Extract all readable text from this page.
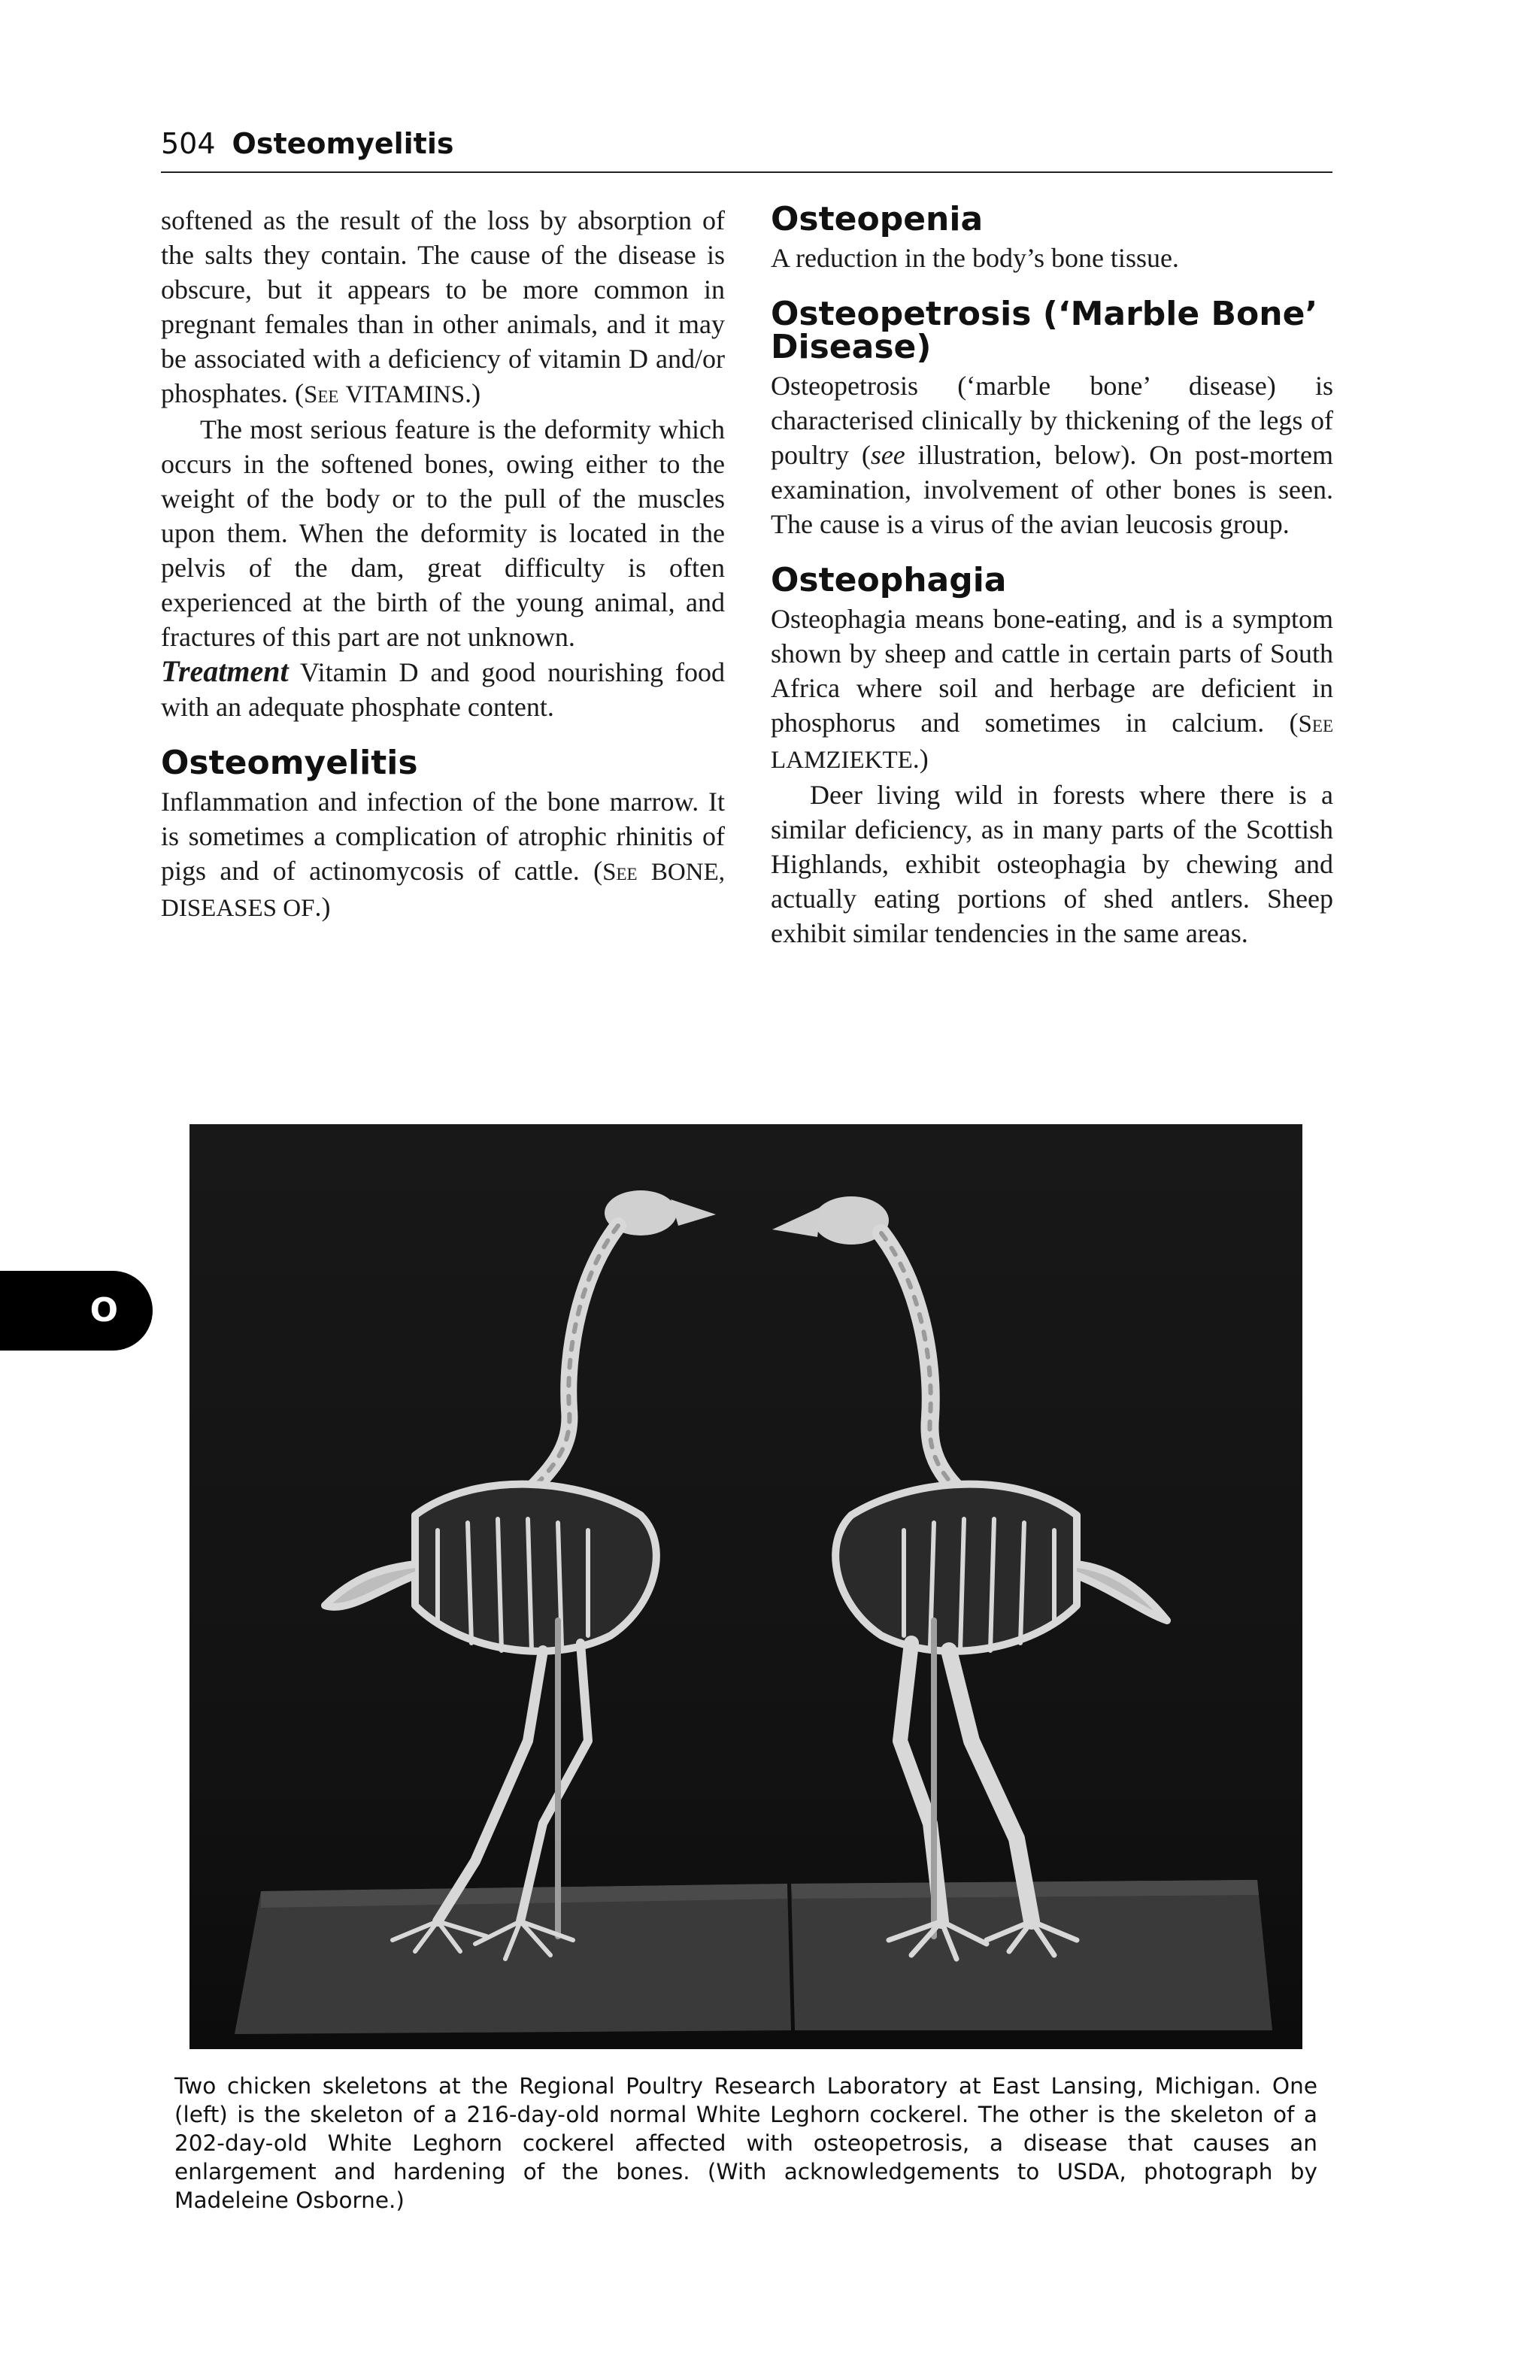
504 Osteomyelitis

softened as the result of the loss by absorption of the salts they contain. The cause of the disease is obscure, but it appears to be more common in pregnant females than in other animals, and it may be associated with a deficiency of vitamin D and/or phosphates. (See VITAMINS.)

The most serious feature is the deformity which occurs in the softened bones, owing either to the weight of the body or to the pull of the muscles upon them. When the deformity is located in the pelvis of the dam, great difficulty is often experienced at the birth of the young animal, and fractures of this part are not unknown.

Treatment Vitamin D and good nourishing food with an adequate phosphate content.

Osteomyelitis

Inflammation and infection of the bone marrow. It is sometimes a complication of atrophic rhinitis of pigs and of actinomycosis of cattle. (See BONE, DISEASES OF.)

Osteopenia

A reduction in the body’s bone tissue.

Osteopetrosis (‘Marble Bone’ Disease)

Osteopetrosis (‘marble bone’ disease) is characterised clinically by thickening of the legs of poultry (see illustration, below). On post-mortem examination, involvement of other bones is seen. The cause is a virus of the avian leucosis group.

Osteophagia

Osteophagia means bone-eating, and is a symptom shown by sheep and cattle in certain parts of South Africa where soil and herbage are deficient in phosphorus and sometimes in calcium. (See LAMZIEKTE.)

Deer living wild in forests where there is a similar deficiency, as in many parts of the Scottish Highlands, exhibit osteophagia by chewing and actually eating portions of shed antlers. Sheep exhibit similar tendencies in the same areas.

Two chicken skeletons at the Regional Poultry Research Laboratory at East Lansing, Michigan. One (left) is the skeleton of a 216-day-old normal White Leghorn cockerel. The other is the skeleton of a 202-day-old White Leghorn cockerel affected with osteopetrosis, a disease that causes an enlargement and hardening of the bones. (With acknowledgements to USDA, photograph by Madeleine Osborne.)
O
